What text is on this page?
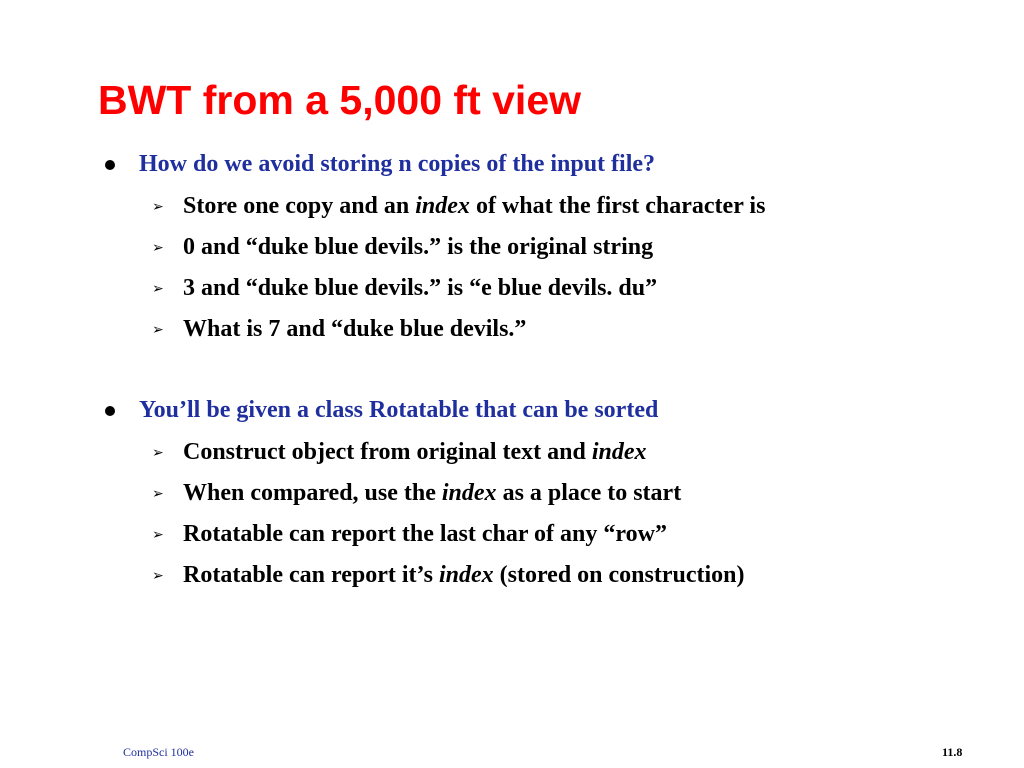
BWT from a 5,000 ft view
How do we avoid storing n copies of the input file?
➢ Store one copy and an index of what the first character is
➢ 0 and “duke blue devils.” is the original string
➢ 3 and “duke blue devils.” is “e blue devils. du”
➢ What is 7 and “duke blue devils.”
You’ll be given a class Rotatable that can be sorted
➢ Construct object from original text and index
➢ When compared, use the index as a place to start
➢ Rotatable can report the last char of any “row”
➢ Rotatable can report it’s index (stored on construction)
CompSci 100e	11.8
